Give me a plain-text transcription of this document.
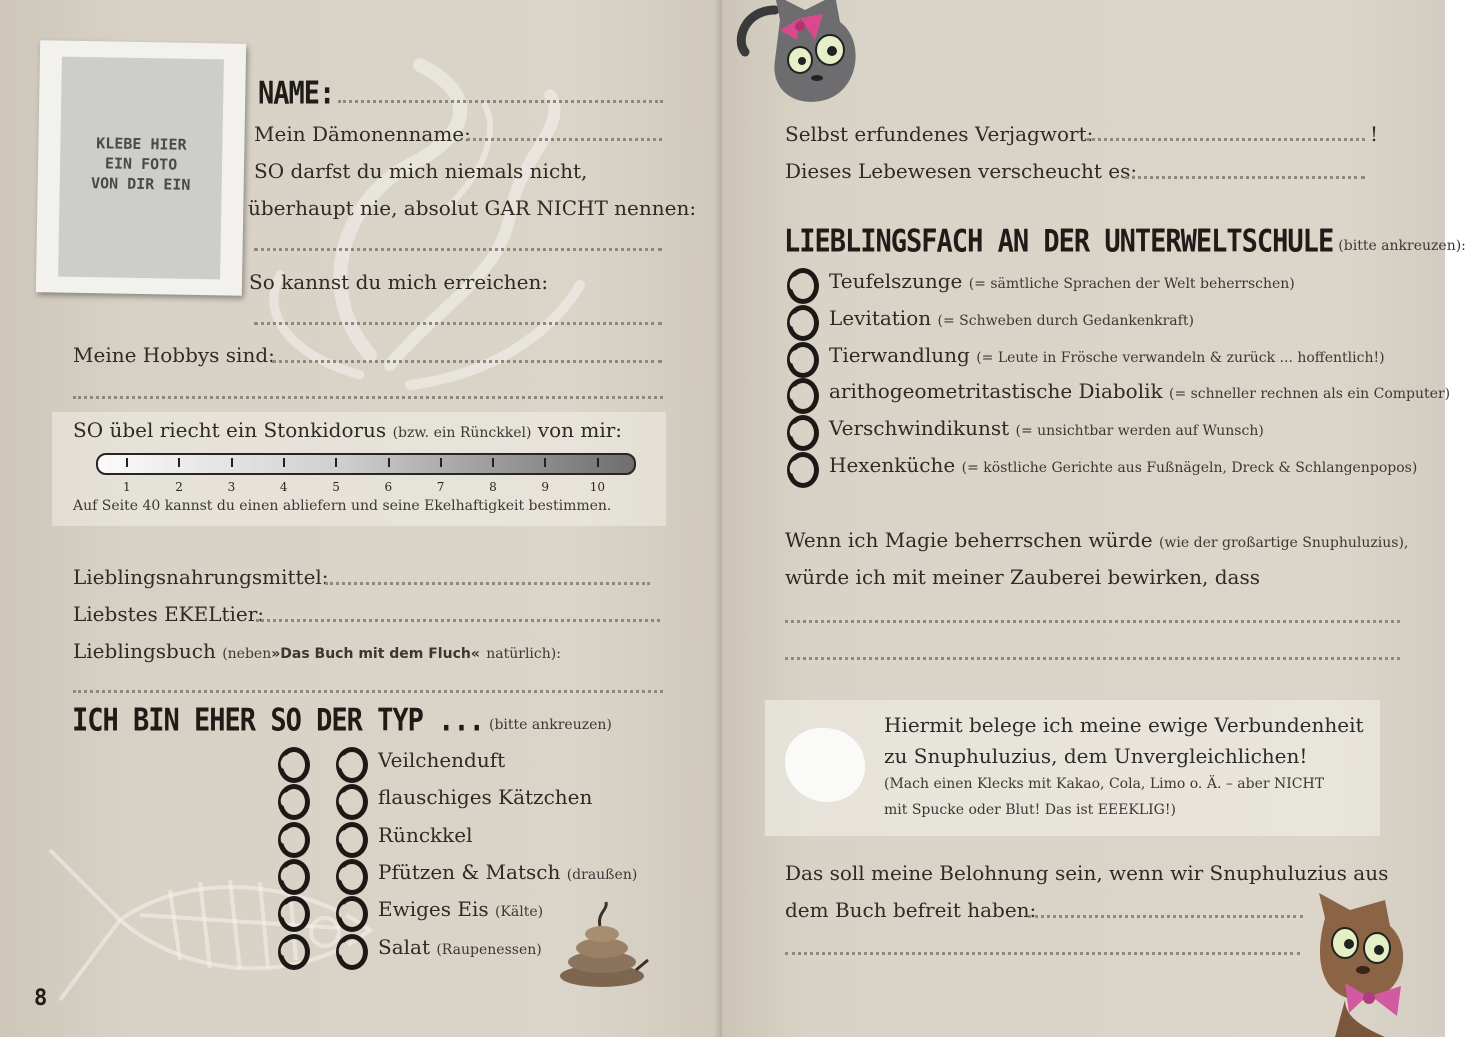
KLEBE HIER
EIN FOTO
VON DIR EIN
NAME:
Mein Dämonenname:
SO darfst du mich niemals nicht,
überhaupt nie, absolut GAR NICHT nennen:
So kannst du mich erreichen:
Meine Hobbys sind:
SO übel riecht ein Stonkidorus (bzw. ein Rünckkel) von mir:
1	2	3	4	5	6	7	8	9	10
Auf Seite 40 kannst du einen abliefern und seine Ekelhaftigkeit bestimmen.
Lieblingsnahrungsmittel:
Liebstes EKELtier:
Lieblingsbuch (neben»Das Buch mit dem Fluch« natürlich):
ICH BIN EHER SO DER TYP ... (bitte ankreuzen)
Veilchenduft
flauschiges Kätzchen
Rünckkel
Pfützen & Matsch (draußen)
Ewiges Eis (Kälte)
Salat (Raupenessen)
8
Selbst erfundenes Verjagwort:	!
Dieses Lebewesen verscheucht es:
LIEBLINGSFACH AN DER UNTERWELTSCHULE (bitte ankreuzen):
Teufelszunge (= sämtliche Sprachen der Welt beherrschen)
Levitation (= Schweben durch Gedankenkraft)
Tierwandlung (= Leute in Frösche verwandeln & zurück ... hoffentlich!)
arithogeometritastische Diabolik (= schneller rechnen als ein Computer)
Verschwindikunst (= unsichtbar werden auf Wunsch)
Hexenküche (= köstliche Gerichte aus Fußnägeln, Dreck & Schlangenpopos)
Wenn ich Magie beherrschen würde (wie der großartige Snuphuluzius),
würde ich mit meiner Zauberei bewirken, dass
Hiermit belege ich meine ewige Verbundenheit
zu Snuphuluzius, dem Unvergleichlichen!
(Mach einen Klecks mit Kakao, Cola, Limo o. Ä. – aber NICHT
mit Spucke oder Blut! Das ist EEEKLIG!)
Das soll meine Belohnung sein, wenn wir Snuphuluzius aus
dem Buch befreit haben:
